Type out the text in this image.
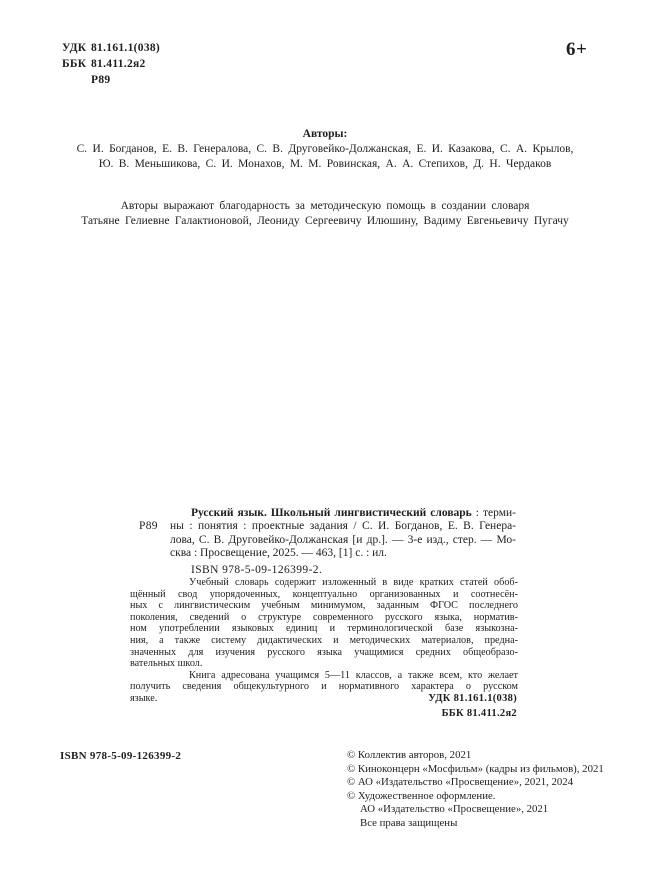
УДК 81.161.1(038)
ББК 81.411.2я2
Р89
6+
Авторы:
С. И. Богданов, Е. В. Генералова, С. В. Друговейко-Должанская, Е. И. Казакова, С. А. Крылов,
Ю. В. Меньшикова, С. И. Монахов, М. М. Ровинская, А. А. Степихов, Д. Н. Чердаков
Авторы выражают благодарность за методическую помощь в создании словаря
Татьяне Гелиевне Галактионовой, Леониду Сергеевичу Илюшину, Вадиму Евгеньевичу Пугачу
Р89
Русский язык. Школьный лингвистический словарь : терми-
ны : понятия : проектные задания / С. И. Богданов, Е. В. Генера-
лова, С. В. Друговейко-Должанская [и др.]. — 3-е изд., стер. — Мо-
сква : Просвещение, 2025. — 463, [1] с. : ил.
ISBN 978-5-09-126399-2.
Учебный словарь содержит изложенный в виде кратких статей обоб-
щённый свод упорядоченных, концептуально организованных и соотнесён-
ных с лингвистическим учебным минимумом, заданным ФГОС последнего
поколения, сведений о структуре современного русского языка, норматив-
ном употреблении языковых единиц и терминологической базе языкозна-
ния, а также систему дидактических и методических материалов, предна-
значенных для изучения русского языка учащимися средних общеобразо-
вательных школ.
Книга адресована учащимся 5—11 классов, а также всем, кто желает
получить сведения общекультурного и нормативного характера о русском
языке.	УДК 81.161.1(038)
ББК 81.411.2я2
ISBN 978-5-09-126399-2	© Коллектив авторов, 2021
© Киноконцерн «Мосфильм» (кадры из фильмов), 2021
© АО «Издательство «Просвещение», 2021, 2024
© Художественное оформление.
АО «Издательство «Просвещение», 2021
Все права защищены
